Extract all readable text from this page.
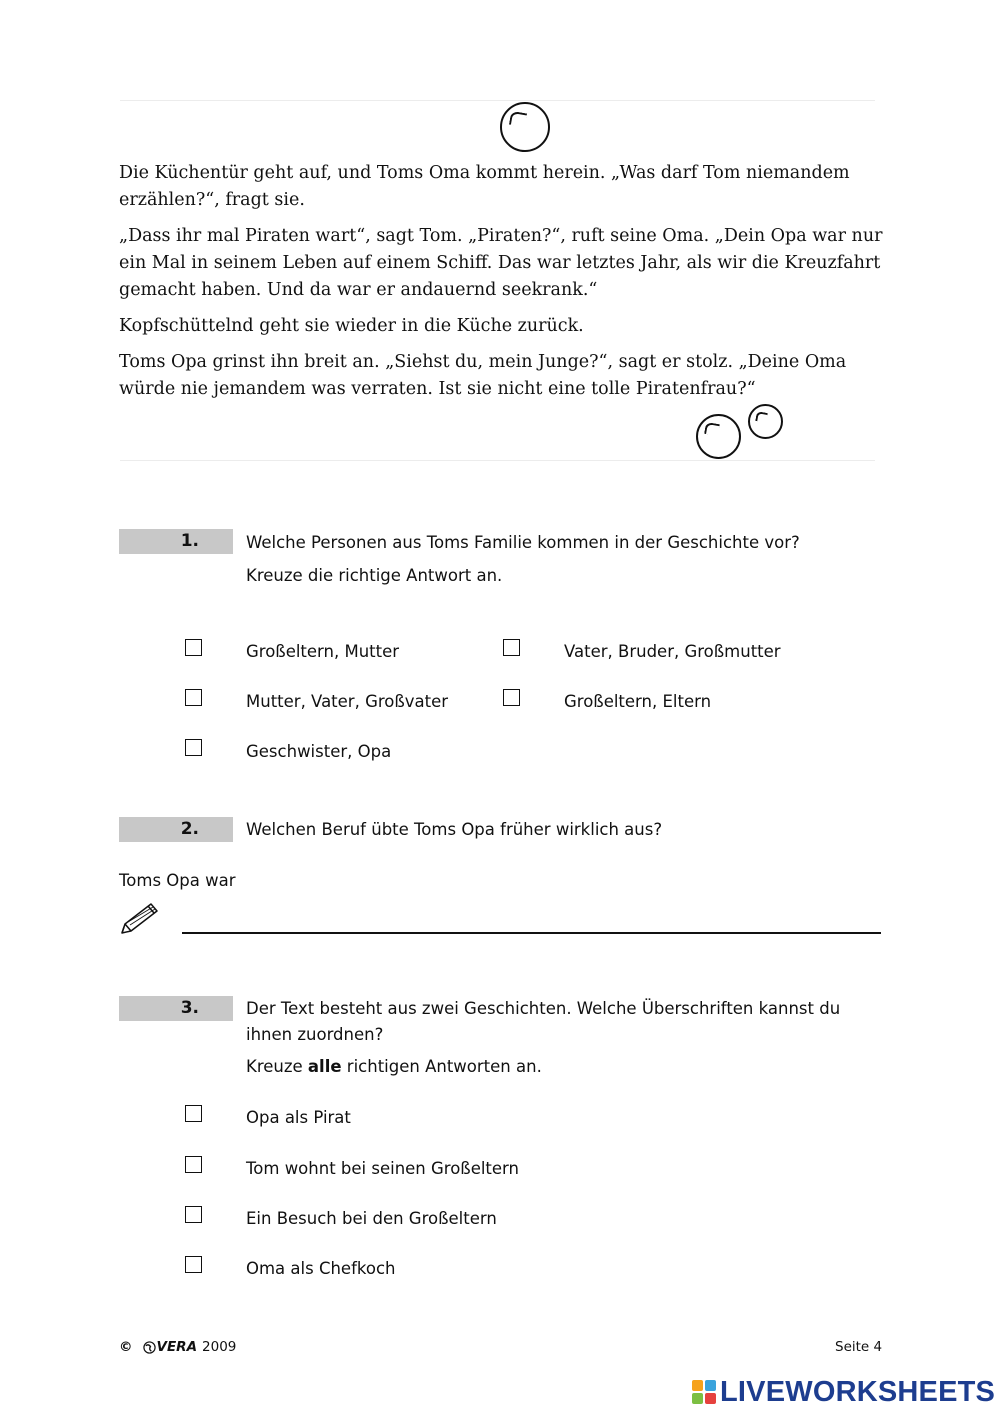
Die Küchentür geht auf, und Toms Oma kommt herein. „Was darf Tom niemandem erzählen?“, fragt sie.

„Dass ihr mal Piraten wart“, sagt Tom. „Piraten?“, ruft seine Oma. „Dein Opa war nur ein Mal in seinem Leben auf einem Schiff. Das war letztes Jahr, als wir die Kreuzfahrt gemacht haben. Und da war er andauernd seekrank.“

Kopfschüttelnd geht sie wieder in die Küche zurück.

Toms Opa grinst ihn breit an. „Siehst du, mein Junge?“, sagt er stolz. „Deine Oma würde nie jemandem was verraten. Ist sie nicht eine tolle Piratenfrau?“

1.	Welche Personen aus Toms Familie kommen in der Geschichte vor?
Kreuze die richtige Antwort an.
Großeltern, Mutter	Vater, Bruder, Großmutter
Mutter, Vater, Großvater	Großeltern, Eltern
Geschwister, Opa
2.	Welchen Beruf übte Toms Opa früher wirklich aus?
Toms Opa war
3.	Der Text besteht aus zwei Geschichten. Welche Überschriften kannst du ihnen zuordnen?
Kreuze alle richtigen Antworten an.
Opa als Pirat
Tom wohnt bei seinen Großeltern
Ein Besuch bei den Großeltern
Oma als Chefkoch
© VERA 2009	Seite 4
LIVEWORKSHEETS
